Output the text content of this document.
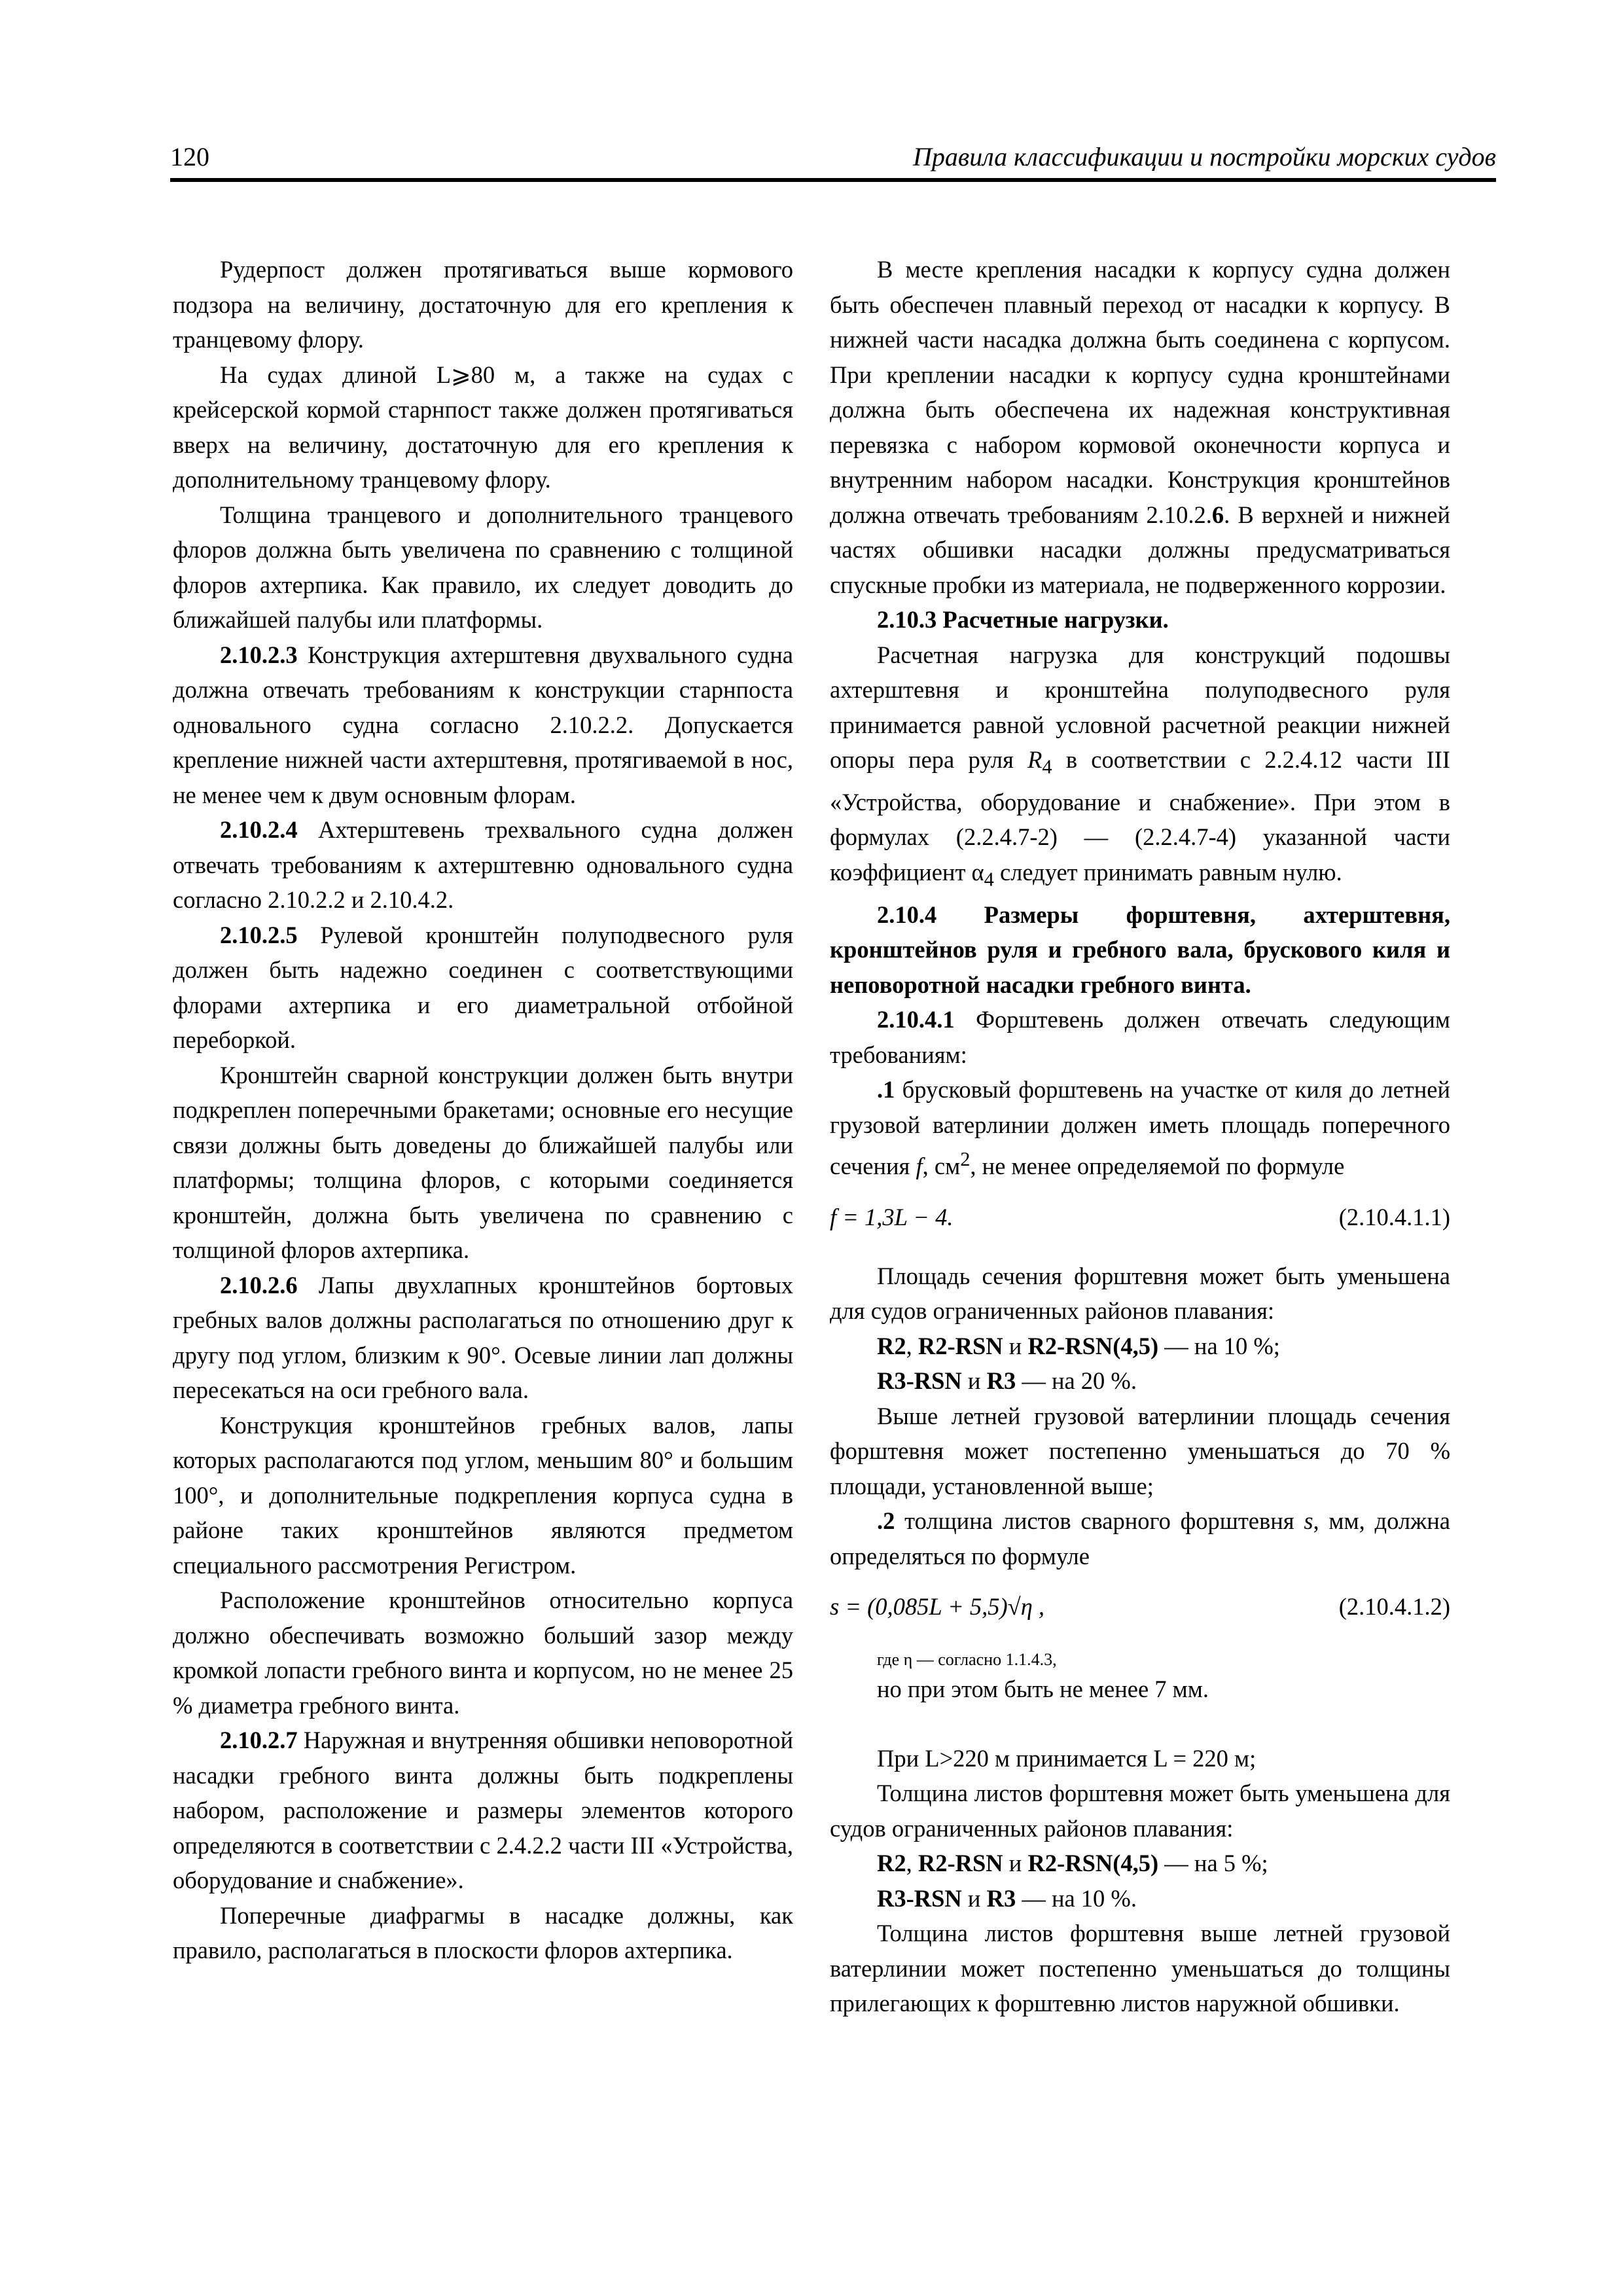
120	Правила классификации и постройки морских судов

Рудерпост должен протягиваться выше кормового подзора на величину, достаточную для его крепления к транцевому флору.

На судах длиной L⩾80 м, а также на судах с крейсерской кормой старнпост также должен протягиваться вверх на величину, достаточную для его крепления к дополнительному транцевому флору.

Толщина транцевого и дополнительного транцевого флоров должна быть увеличена по сравнению с толщиной флоров ахтерпика. Как правило, их следует доводить до ближайшей палубы или платформы.

2.10.2.3 Конструкция ахтерштевня двухвального судна должна отвечать требованиям к конструкции старнпоста одновального судна согласно 2.10.2.2. Допускается крепление нижней части ахтерштевня, протягиваемой в нос, не менее чем к двум основным флорам.

2.10.2.4 Ахтерштевень трехвального судна должен отвечать требованиям к ахтерштевню одновального судна согласно 2.10.2.2 и 2.10.4.2.

2.10.2.5 Рулевой кронштейн полуподвесного руля должен быть надежно соединен с соответствующими флорами ахтерпика и его диаметральной отбойной переборкой.

Кронштейн сварной конструкции должен быть внутри подкреплен поперечными бракетами; основные его несущие связи должны быть доведены до ближайшей палубы или платформы; толщина флоров, с которыми соединяется кронштейн, должна быть увеличена по сравнению с толщиной флоров ахтерпика.

2.10.2.6 Лапы двухлапных кронштейнов бортовых гребных валов должны располагаться по отношению друг к другу под углом, близким к 90°. Осевые линии лап должны пересекаться на оси гребного вала.

Конструкция кронштейнов гребных валов, лапы которых располагаются под углом, меньшим 80° и большим 100°, и дополнительные подкрепления корпуса судна в районе таких кронштейнов являются предметом специального рассмотрения Регистром.

Расположение кронштейнов относительно корпуса должно обеспечивать возможно больший зазор между кромкой лопасти гребного винта и корпусом, но не менее 25 % диаметра гребного винта.

2.10.2.7 Наружная и внутренняя обшивки неповоротной насадки гребного винта должны быть подкреплены набором, расположение и размеры элементов которого определяются в соответствии с 2.4.2.2 части III «Устройства, оборудование и снабжение».

Поперечные диафрагмы в насадке должны, как правило, располагаться в плоскости флоров ахтерпика.

В месте крепления насадки к корпусу судна должен быть обеспечен плавный переход от насадки к корпусу. В нижней части насадка должна быть соединена с корпусом. При креплении насадки к корпусу судна кронштейнами должна быть обеспечена их надежная конструктивная перевязка с набором кормовой оконечности корпуса и внутренним набором насадки. Конструкция кронштейнов должна отвечать требованиям 2.10.2.6. В верхней и нижней частях обшивки насадки должны предусматриваться спускные пробки из материала, не подверженного коррозии.

2.10.3 Расчетные нагрузки.

Расчетная нагрузка для конструкций подошвы ахтерштевня и кронштейна полуподвесного руля принимается равной условной расчетной реакции нижней опоры пера руля $R_4$ в соответствии с 2.2.4.12 части III «Устройства, оборудование и снабжение». При этом в формулах (2.2.4.7-2) — (2.2.4.7-4) указанной части коэффициент $\alpha_4$ следует принимать равным нулю.

2.10.4 Размеры форштевня, ахтерштевня, кронштейнов руля и гребного вала, брускового киля и неповоротной насадки гребного винта.

2.10.4.1 Форштевень должен отвечать следующим требованиям:

.1 брусковый форштевень на участке от киля до летней грузовой ватерлинии должен иметь площадь поперечного сечения f, $см^2$, не менее определяемой по формуле

f = 1,3L − 4.	(2.10.4.1.1)

Площадь сечения форштевня может быть уменьшена для судов ограниченных районов плавания:

R2, R2-RSN и R2-RSN(4,5) — на 10 %;

R3-RSN и R3 — на 20 %.

Выше летней грузовой ватерлинии площадь сечения форштевня может постепенно уменьшаться до 70 % площади, установленной выше;

.2 толщина листов сварного форштевня s, мм, должна определяться по формуле

s = (0,085L + 5,5)√η ,	(2.10.4.1.2)

где η — согласно 1.1.4.3,

но при этом быть не менее 7 мм.

При L>220 м принимается L = 220 м;

Толщина листов форштевня может быть уменьшена для судов ограниченных районов плавания:

R2, R2-RSN и R2-RSN(4,5) — на 5 %;

R3-RSN и R3 — на 10 %.

Толщина листов форштевня выше летней грузовой ватерлинии может постепенно уменьшаться до толщины прилегающих к форштевню листов наружной обшивки.
